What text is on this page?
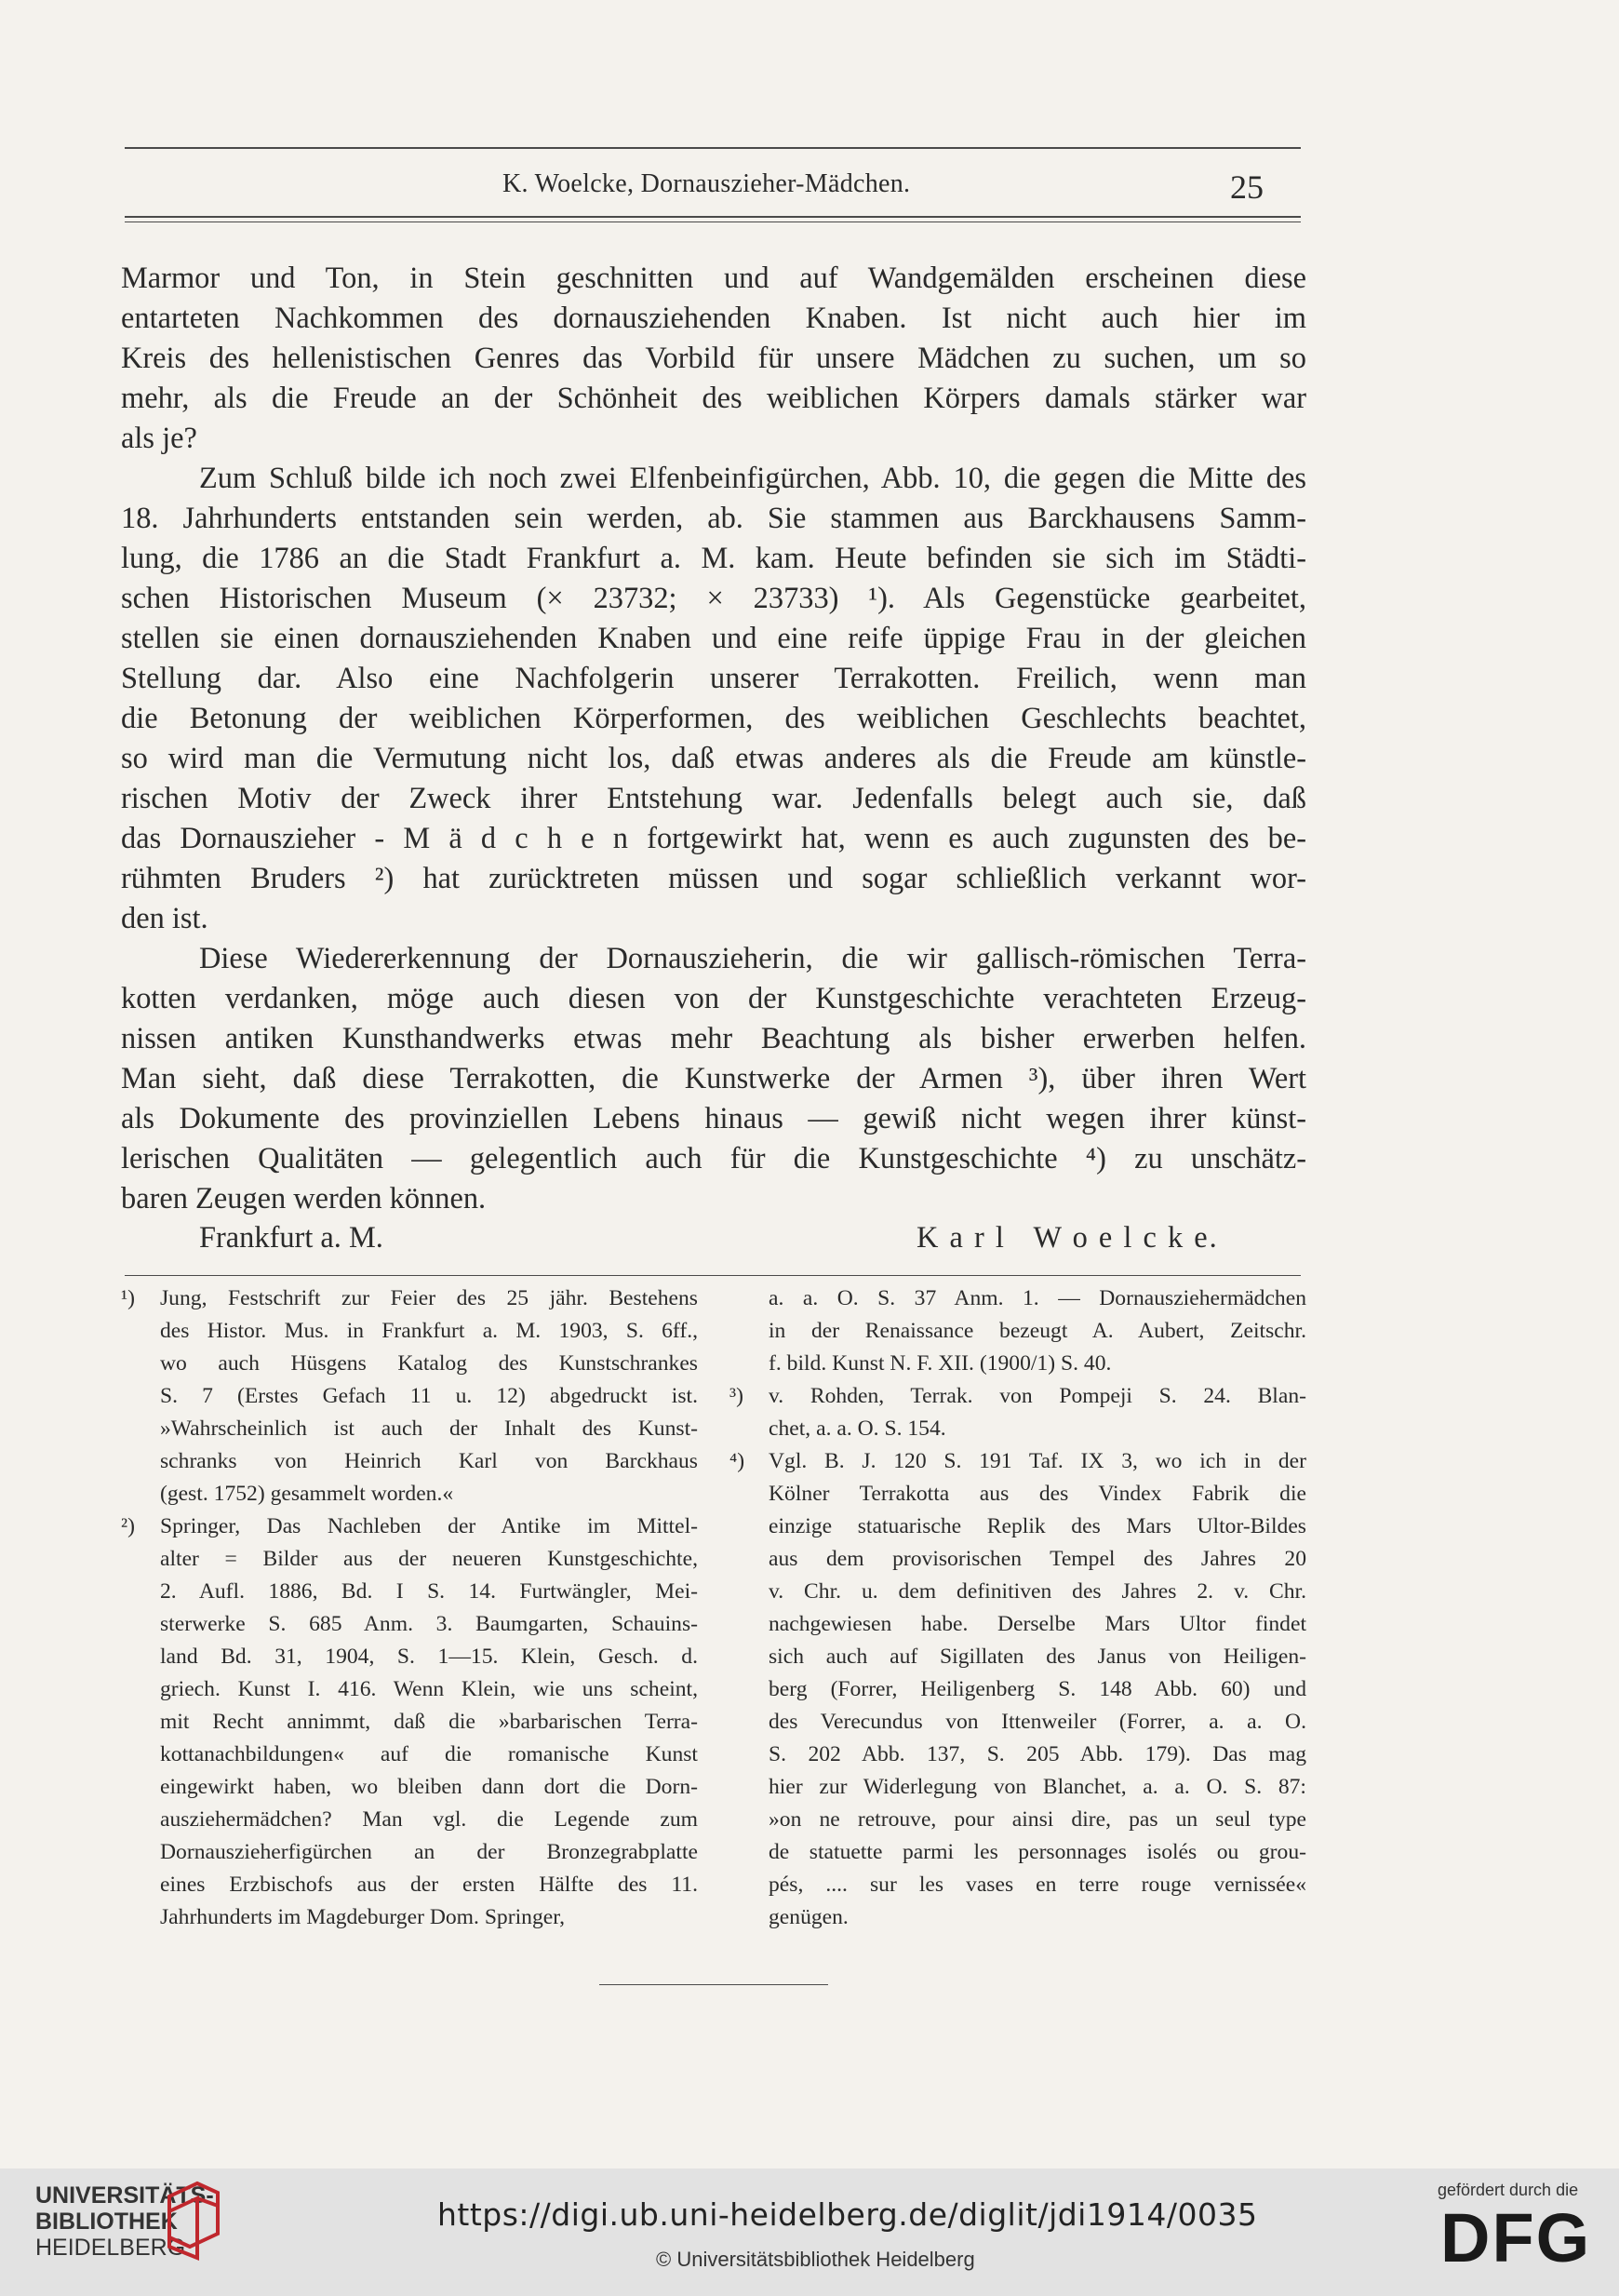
K. Woelcke, Dornauszieher-Mädchen.	25
Marmor und Ton, in Stein geschnitten und auf Wandgemälden erscheinen diese
entarteten Nachkommen des dornausziehenden Knaben. Ist nicht auch hier im
Kreis des hellenistischen Genres das Vorbild für unsere Mädchen zu suchen, um so
mehr, als die Freude an der Schönheit des weiblichen Körpers damals stärker war
als je?
Zum Schluß bilde ich noch zwei Elfenbeinfigürchen, Abb. 10, die gegen die Mitte des
18. Jahrhunderts entstanden sein werden, ab. Sie stammen aus Barckhausens Samm-
lung, die 1786 an die Stadt Frankfurt a. M. kam. Heute befinden sie sich im Städti-
schen Historischen Museum (× 23732; × 23733) ¹). Als Gegenstücke gearbeitet,
stellen sie einen dornausziehenden Knaben und eine reife üppige Frau in der gleichen
Stellung dar. Also eine Nachfolgerin unserer Terrakotten. Freilich, wenn man
die Betonung der weiblichen Körperformen, des weiblichen Geschlechts beachtet,
so wird man die Vermutung nicht los, daß etwas anderes als die Freude am künstle-
rischen Motiv der Zweck ihrer Entstehung war. Jedenfalls belegt auch sie, daß
das Dornauszieher - M ä d c h e n fortgewirkt hat, wenn es auch zugunsten des be-
rühmten Bruders ²) hat zurücktreten müssen und sogar schließlich verkannt wor-
den ist.
Diese Wiedererkennung der Dornauszieherin, die wir gallisch-römischen Terra-
kotten verdanken, möge auch diesen von der Kunstgeschichte verachteten Erzeug-
nissen antiken Kunsthandwerks etwas mehr Beachtung als bisher erwerben helfen.
Man sieht, daß diese Terrakotten, die Kunstwerke der Armen ³), über ihren Wert
als Dokumente des provinziellen Lebens hinaus — gewiß nicht wegen ihrer künst-
lerischen Qualitäten — gelegentlich auch für die Kunstgeschichte ⁴) zu unschätz-
baren Zeugen werden können.
Frankfurt a. M.	K a r l   W o e l c k e.
¹)	Jung, Festschrift zur Feier des 25 jähr. Bestehens
des Histor. Mus. in Frankfurt a. M. 1903, S. 6ff.,
wo auch Hüsgens Katalog des Kunstschrankes
S. 7 (Erstes Gefach 11 u. 12) abgedruckt ist.
»Wahrscheinlich ist auch der Inhalt des Kunst-
schranks von Heinrich Karl von Barckhaus
(gest. 1752) gesammelt worden.«
²)	Springer, Das Nachleben der Antike im Mittel-
alter = Bilder aus der neueren Kunstgeschichte,
2. Aufl. 1886, Bd. I S. 14. Furtwängler, Mei-
sterwerke S. 685 Anm. 3. Baumgarten, Schauins-
land Bd. 31, 1904, S. 1—15. Klein, Gesch. d.
griech. Kunst I. 416. Wenn Klein, wie uns scheint,
mit Recht annimmt, daß die »barbarischen Terra-
kottanachbildungen« auf die romanische Kunst
eingewirkt haben, wo bleiben dann dort die Dorn-
ausziehermädchen? Man vgl. die Legende zum
Dornauszieherfigürchen an der Bronzegrabplatte
eines Erzbischofs aus der ersten Hälfte des 11.
Jahrhunderts im Magdeburger Dom. Springer,
a. a. O. S. 37 Anm. 1. — Dornausziehermädchen
in der Renaissance bezeugt A. Aubert, Zeitschr.
f. bild. Kunst N. F. XII. (1900/1) S. 40.
³)	v. Rohden, Terrak. von Pompeji S. 24. Blan-
chet, a. a. O. S. 154.
⁴)	Vgl. B. J. 120 S. 191 Taf. IX 3, wo ich in der
Kölner Terrakotta aus des Vindex Fabrik die
einzige statuarische Replik des Mars Ultor-Bildes
aus dem provisorischen Tempel des Jahres 20
v. Chr. u. dem definitiven des Jahres 2. v. Chr.
nachgewiesen habe. Derselbe Mars Ultor findet
sich auch auf Sigillaten des Janus von Heiligen-
berg (Forrer, Heiligenberg S. 148 Abb. 60) und
des Verecundus von Ittenweiler (Forrer, a. a. O.
S. 202 Abb. 137, S. 205 Abb. 179). Das mag
hier zur Widerlegung von Blanchet, a. a. O. S. 87:
»on ne retrouve, pour ainsi dire, pas un seul type
de statuette parmi les personnages isolés ou grou-
pés, .... sur les vases en terre rouge vernissée«
genügen.
UNIVERSITÄTS-
BIBLIOTHEK
HEIDELBERG
https://digi.ub.uni-heidelberg.de/diglit/jdi1914/0035
© Universitätsbibliothek Heidelberg
gefördert durch die
DFG
